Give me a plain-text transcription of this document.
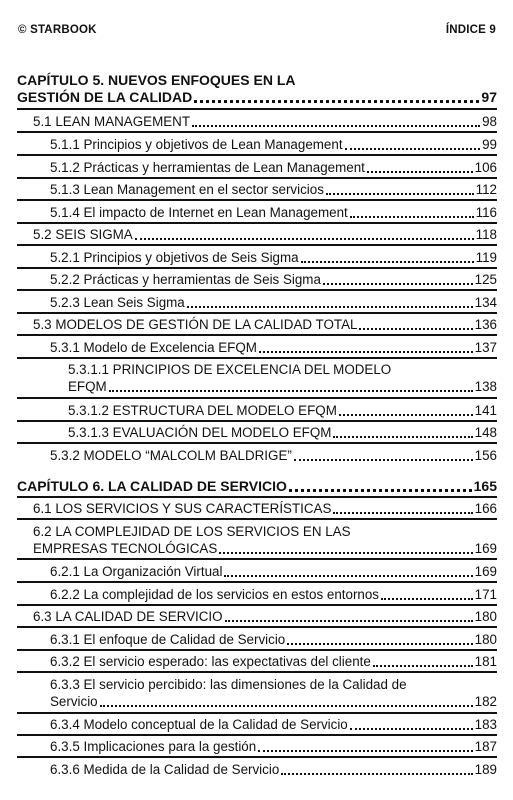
© STARBOOK	ÍNDICE 9
CAPÍTULO 5. NUEVOS ENFOQUES EN LA
GESTIÓN DE LA CALIDAD	97
5.1 LEAN MANAGEMENT	98
5.1.1 Principios y objetivos de Lean Management	99
5.1.2 Prácticas y herramientas de Lean Management	106
5.1.3 Lean Management en el sector servicios	112
5.1.4 El impacto de Internet en Lean Management	116
5.2 SEIS SIGMA	118
5.2.1 Principios y objetivos de Seis Sigma	119
5.2.2 Prácticas y herramientas de Seis Sigma	125
5.2.3 Lean Seis Sigma	134
5.3 MODELOS DE GESTIÓN DE LA CALIDAD TOTAL	136
5.3.1 Modelo de Excelencia EFQM	137
5.3.1.1 PRINCIPIOS DE EXCELENCIA DEL MODELO
EFQM	138
5.3.1.2 ESTRUCTURA DEL MODELO EFQM	141
5.3.1.3 EVALUACIÓN DEL MODELO EFQM	148
5.3.2 MODELO “MALCOLM BALDRIGE”	156
CAPÍTULO 6. LA CALIDAD DE SERVICIO	165
6.1 LOS SERVICIOS Y SUS CARACTERÍSTICAS	166
6.2 LA COMPLEJIDAD DE LOS SERVICIOS EN LAS
EMPRESAS TECNOLÓGICAS	169
6.2.1 La Organización Virtual	169
6.2.2 La complejidad de los servicios en estos entornos	171
6.3 LA CALIDAD DE SERVICIO	180
6.3.1 El enfoque de Calidad de Servicio	180
6.3.2 El servicio esperado: las expectativas del cliente	181
6.3.3 El servicio percibido: las dimensiones de la Calidad de
Servicio	182
6.3.4 Modelo conceptual de la Calidad de Servicio	183
6.3.5 Implicaciones para la gestión	187
6.3.6 Medida de la Calidad de Servicio	189
